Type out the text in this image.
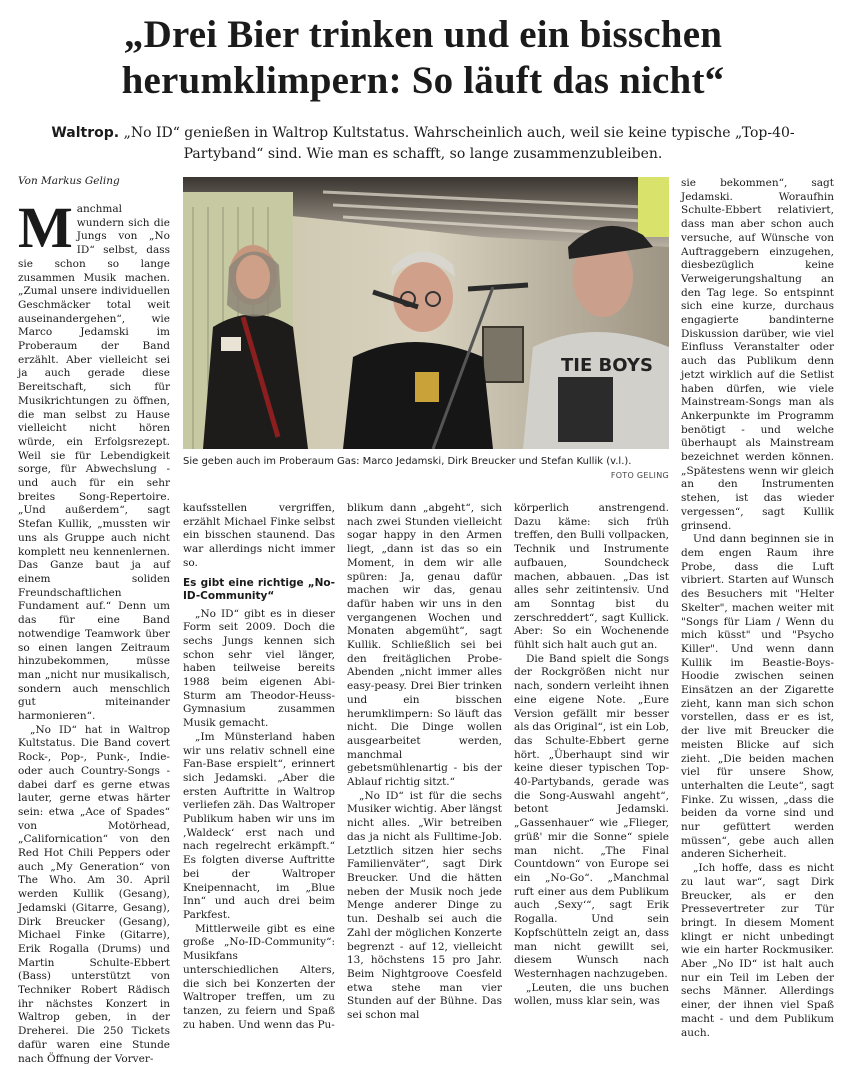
„Drei Bier trinken und ein bisschen herumklimpern: So läuft das nicht“
Waltrop. „No ID“ genießen in Waltrop Kultstatus. Wahrscheinlich auch, weil sie keine typische „Top-40-Partyband“ sind. Wie man es schafft, so lange zusammenzubleiben.
Von Markus Geling

Manchmal wundern sich die Jungs von „No ID“ selbst, dass sie schon so lange zusammen Musik machen. „Zumal unsere individuellen Geschmäcker total weit auseinandergehen“, wie Marco Jedamski im Proberaum der Band erzählt. Aber vielleicht sei ja auch gerade diese Bereitschaft, sich für Musikrichtungen zu öffnen, die man selbst zu Hause vielleicht nicht hören würde, ein Erfolgsrezept. Weil sie für Lebendigkeit sorge, für Abwechslung - und auch für ein sehr breites Song-Repertoire. „Und außerdem“, sagt Stefan Kullik, „mussten wir uns als Gruppe auch nicht komplett neu kennenlernen. Das Ganze baut ja auf einem soliden Freundschaftlichen Fundament auf.“ Denn um das für eine Band notwendige Teamwork über so einen langen Zeitraum hinzubekommen, müsse man „nicht nur musikalisch, sondern auch menschlich gut miteinander harmonieren“.

„No ID“ hat in Waltrop Kultstatus. Die Band covert Rock-, Pop-, Punk-, Indie- oder auch Country-Songs - dabei darf es gerne etwas lauter, gerne etwas härter sein: etwa „Ace of Spades“ von Motörhead, „Californication“ von den Red Hot Chili Peppers oder auch „My Generation“ von The Who. Am 30. April werden Kullik (Gesang), Jedamski (Gitarre, Gesang), Dirk Breucker (Gesang), Michael Finke (Gitarre), Erik Rogalla (Drums) und Martin Schulte-Ebbert (Bass) unterstützt von Techniker Robert Rädisch ihr nächstes Konzert in Waltrop geben, in der Dreherei. Die 250 Tickets dafür waren eine Stunde nach Öffnung der Vorver-

TIE BOYS
Sie geben auch im Proberaum Gas: Marco Jedamski, Dirk Breucker und Stefan Kullik (v.l.).
FOTO GELING

kaufsstellen vergriffen, erzählt Michael Finke selbst ein bisschen staunend. Das war allerdings nicht immer so.

Es gibt eine richtige „No-ID-Community“

„No ID“ gibt es in dieser Form seit 2009. Doch die sechs Jungs kennen sich schon sehr viel länger, haben teilweise bereits 1988 beim eigenen Abi-Sturm am Theodor-Heuss-Gymnasium zusammen Musik gemacht.

„Im Münsterland haben wir uns relativ schnell eine Fan-Base erspielt“, erinnert sich Jedamski. „Aber die ersten Auftritte in Waltrop verliefen zäh. Das Waltroper Publikum haben wir uns im ‚Waldeck‘ erst nach und nach regelrecht erkämpft.“ Es folgten diverse Auftritte bei der Waltroper Kneipennacht, im „Blue Inn“ und auch drei beim Parkfest.

Mittlerweile gibt es eine große „No-ID-Community“: Musikfans unterschiedlichen Alters, die sich bei Konzerten der Waltroper treffen, um zu tanzen, zu feiern und Spaß zu haben. Und wenn das Pu-

blikum dann „abgeht“, sich nach zwei Stunden vielleicht sogar happy in den Armen liegt, „dann ist das so ein Moment, in dem wir alle spüren: Ja, genau dafür machen wir das, genau dafür haben wir uns in den vergangenen Wochen und Monaten abgemüht“, sagt Kullik. Schließlich sei bei den freitäglichen Probe-Abenden „nicht immer alles easy-peasy. Drei Bier trinken und ein bisschen herumklimpern: So läuft das nicht. Die Dinge wollen ausgearbeitet werden, manchmal gebetsmühlenartig - bis der Ablauf richtig sitzt.“

„No ID“ ist für die sechs Musiker wichtig. Aber längst nicht alles. „Wir betreiben das ja nicht als Fulltime-Job. Letztlich sitzen hier sechs Familienväter“, sagt Dirk Breucker. Und die hätten neben der Musik noch jede Menge anderer Dinge zu tun. Deshalb sei auch die Zahl der möglichen Konzerte begrenzt - auf 12, vielleicht 13, höchstens 15 pro Jahr. Beim Nightgroove Coesfeld etwa stehe man vier Stunden auf der Bühne. Das sei schon mal

körperlich anstrengend. Dazu käme: sich früh treffen, den Bulli vollpacken, Technik und Instrumente aufbauen, Soundcheck machen, abbauen. „Das ist alles sehr zeitintensiv. Und am Sonntag bist du zerschreddert“, sagt Kullick. Aber: So ein Wochenende fühlt sich halt auch gut an.

Die Band spielt die Songs der Rockgrößen nicht nur nach, sondern verleiht ihnen eine eigene Note. „Eure Version gefällt mir besser als das Original“, ist ein Lob, das Schulte-Ebbert gerne hört. „Überhaupt sind wir keine dieser typischen Top-40-Partybands, gerade was die Song-Auswahl angeht“, betont Jedamski. „Gassenhauer“ wie „Flieger, grüß' mir die Sonne“ spiele man nicht. „The Final Countdown“ von Europe sei ein „No-Go“. „Manchmal ruft einer aus dem Publikum auch ‚Sexy‘“, sagt Erik Rogalla. Und sein Kopfschütteln zeigt an, dass man nicht gewillt sei, diesem Wunsch nach Westernhagen nachzugeben.

„Leuten, die uns buchen wollen, muss klar sein, was

sie bekommen“, sagt Jedamski. Woraufhin Schulte-Ebbert relativiert, dass man aber schon auch versuche, auf Wünsche von Auftraggebern einzugehen, diesbezüglich keine Verweigerungshaltung an den Tag lege. So entspinnt sich eine kurze, durchaus engagierte bandinterne Diskussion darüber, wie viel Einfluss Veranstalter oder auch das Publikum denn jetzt wirklich auf die Setlist haben dürfen, wie viele Mainstream-Songs man als Ankerpunkte im Programm benötigt - und welche überhaupt als Mainstream bezeichnet werden können. „Spätestens wenn wir gleich an den Instrumenten stehen, ist das wieder vergessen“, sagt Kullik grinsend.

Und dann beginnen sie in dem engen Raum ihre Probe, dass die Luft vibriert. Starten auf Wunsch des Besuchers mit "Helter Skelter", machen weiter mit "Songs für Liam / Wenn du mich küsst" und "Psycho Killer". Und wenn dann Kullik im Beastie-Boys-Hoodie zwischen seinen Einsätzen an der Zigarette zieht, kann man sich schon vorstellen, dass er es ist, der live mit Breucker die meisten Blicke auf sich zieht. „Die beiden machen viel für unsere Show, unterhalten die Leute“, sagt Finke. Zu wissen, „dass die beiden da vorne sind und nur gefüttert werden müssen“, gebe auch allen anderen Sicherheit.

„Ich hoffe, dass es nicht zu laut war“, sagt Dirk Breucker, als er den Pressevertreter zur Tür bringt. In diesem Moment klingt er nicht unbedingt wie ein harter Rockmusiker. Aber „No ID“ ist halt auch nur ein Teil im Leben der sechs Männer. Allerdings einer, der ihnen viel Spaß macht - und dem Publikum auch.
